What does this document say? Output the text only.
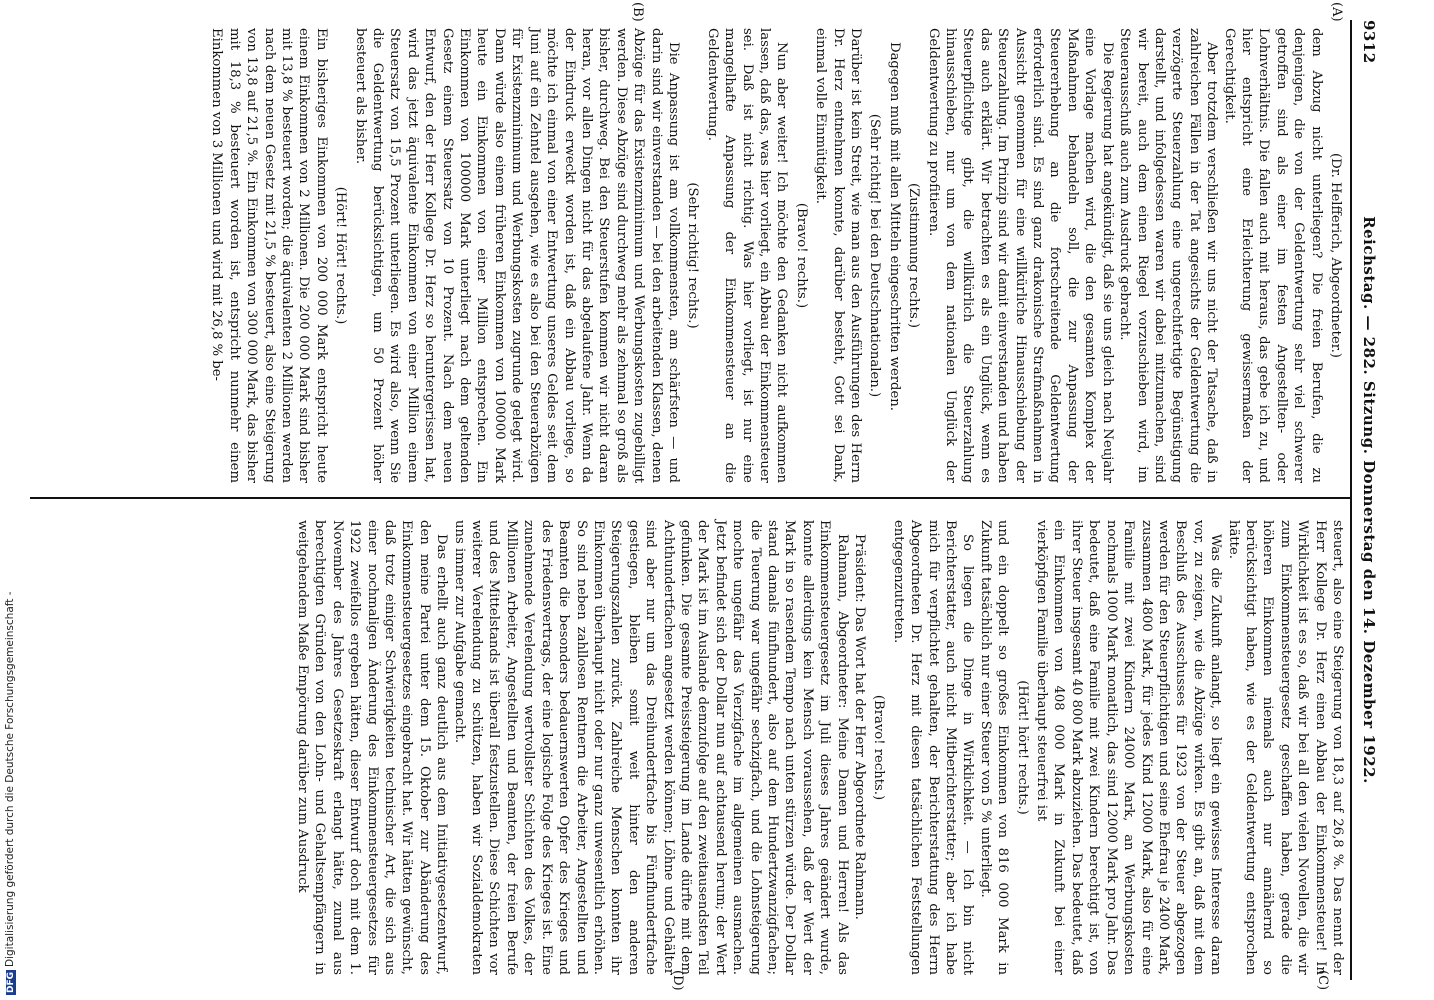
9312
Reichstag. — 282. Sitzung. Donnerstag den 14. Dezember 1922.
(A)
(B)
(C)
(D)

(Dr. Helfferich, Abgeordneter.)

dem Abzug nicht unterliegen? Die freien Berufen, die zu denjenigen, die von der Geldentwertung sehr viel schwerer getroffen sind als einer im festen Angestellten- oder Lohnverhältnis. Die fallen auch mit heraus, das gebe ich zu, und hier entspricht eine Erleichterung gewissermaßen der Gerechtigkeit.

Aber trotzdem verschließen wir uns nicht der Tatsache, daß in zahlreichen Fällen in der Tat angesichts der Geldentwertung die verzögerte Steuerzahlung eine ungerechtfertigte Begünstigung darstellt, und infolgedessen waren wir dabei mitzumachen, sind wir bereit, auch dem einen Riegel vorzuschieben wird, im Steuerausschuß auch zum Ausdruck gebracht.

Die Regierung hat angekündigt, daß sie uns gleich nach Neujahr eine Vorlage machen wird, die den gesamten Komplex der Maßnahmen behandeln soll, die zur Anpassung der Steuererhebung an die fortschreitende Geldentwertung erforderlich sind. Es sind ganz drakonische Strafmaßnahmen in Aussicht genommen für eine willkürliche Hinausschiebung der Steuerzahlung. Im Prinzip sind wir damit einverstanden und haben das auch erklärt. Wir betrachten es als ein Unglück, wenn es Steuerpflichtige gibt, die willkürlich die Steuerzahlung hinausschieben, nur um von dem nationalen Unglück der Geldentwertung zu profitieren.

(Zustimmung rechts.)

Dagegen muß mit allen Mitteln eingeschritten werden.

(Sehr richtig! bei den Deutschnationalen.)

Darüber ist kein Streit, wie man aus den Ausführungen des Herrn Dr. Herz entnehmen konnte, darüber besteht, Gott sei Dank, einmal volle Einmütigkeit.

(Bravo! rechts.)

Nun aber weiter! Ich möchte den Gedanken nicht aufkommen lassen, daß das, was hier vorliegt, ein Abbau der Einkommensteuer sei. Daß ist nicht richtig. Was hier vorliegt, ist nur eine mangelhafte Anpassung der Einkommensteuer an die Geldentwertung.

(Sehr richtig! rechts.)

Die Anpassung ist am vollkommensten, am schärfsten — und darin sind wir einverstanden — bei den arbeitenden Klassen, denen Abzüge für das Existenzminimum und Werbungskosten zugebilligt werden. Diese Abzüge sind durchweg mehr als zehnmal so groß als bisher, durchweg. Bei den Steuerstufen kommen wir nicht daran heran, vor allen Dingen nicht für das abgelaufene Jahr. Wenn da der Eindruck erweckt worden ist, daß ein Abbau vorliege, so möchte ich einmal von einer Entwertung unseres Geldes seit dem Juni auf ein Zehntel ausgehen, wie es also bei den Steuerabzügen für Existenzminimum und Werbungskosten zugrunde gelegt wird. Dann würde also einem früheren Einkommen von 100000 Mark heute ein Einkommen von einer Million entsprechen. Ein Einkommen von 100000 Mark unterliegt nach dem geltenden Gesetz einem Steuersatz von 10 Prozent. Nach dem neuen Entwurf, den der Herr Kollege Dr. Herz so heruntergerissen hat, wird das jetzt äquivalente Einkommen von einer Million einem Steuersatz von 15,5 Prozent unterliegen. Es wird also, wenn Sie die Geldentwertung berücksichtigen, um 50 Prozent höher besteuert als bisher.

(Hört! Hört! rechts.)

Ein bisheriges Einkommen von 200 000 Mark entspricht heute einem Einkommen von 2 Millionen. Die 200 000 Mark sind bisher mit 13,8 % besteuert worden; die äquivalenten 2 Millionen werden nach dem neuen Gesetz mit 21,5 % besteuert, also eine Steigerung von 13,8 auf 21,5 %. Ein Einkommen von 300 000 Mark, das bisher mit 18,3 % besteuert worden ist, entspricht nunmehr einem Einkommen von 3 Millionen und wird mit 26,8 % be-

steuert, also eine Steigerung von 18,3 auf 26,8 %. Das nennt der Herr Kollege Dr. Herz einen Abbau der Einkommensteuer! In Wirklichkeit ist es so, daß wir bei all den vielen Novellen, die wir zum Einkommensteuergesetz geschaffen haben, gerade die höheren Einkommen niemals auch nur annähernd so berücksichtigt haben, wie es der Geldentwertung entsprochen hätte.

Was die Zukunft anlangt, so liegt ein gewisses Interesse daran vor, zu zeigen, wie die Abzüge wirken. Es gibt an, daß mit dem Beschluß des Ausschusses für 1923 von der Steuer abgezogen werden für den Steuerpflichtigen und seine Ehefrau je 2400 Mark, zusammen 4800 Mark, für jedes Kind 12000 Mark, also für eine Familie mit zwei Kindern 24000 Mark, an Werbungskosten nochmals 1000 Mark monatlich, das sind 12000 Mark pro Jahr. Das bedeutet, daß eine Familie mit zwei Kindern berechtigt ist, von ihrer Steuer insgesamt 40 800 Mark abzuziehen. Das bedeutet, daß ein Einkommen von 408 000 Mark in Zukunft bei einer vierköpfigen Familie überhaupt steuerfrei ist

(Hört! hört! rechts.)

und ein doppelt so großes Einkommen von 816 000 Mark in Zukunft tatsächlich nur einer Steuer von 5 % unterliegt.

So liegen die Dinge in Wirklichkeit. — Ich bin nicht Berichterstatter, auch nicht Mitberichterstatter; aber ich habe mich für verpflichtet gehalten, der Berichterstattung des Herrn Abgeordneten Dr. Herz mit diesen tatsächlichen Feststellungen entgegenzutreten.

(Bravo! rechts.)

Präsident: Das Wort hat der Herr Abgeordnete Rahmann.

Rahmann, Abgeordneter: Meine Damen und Herren! Als das Einkommensteuergesetz im Juli dieses Jahres geändert wurde, konnte allerdings kein Mensch voraussehen, daß der Wert der Mark in so rasendem Tempo nach unten stürzen würde. Der Dollar stand damals fünfhundert, also auf dem Hundertzwanzigfachen; die Teuerung war ungefähr sechzigfach, und die Lohnsteigerung mochte ungefähr das Vierzigfache im allgemeinen ausmachen. Jetzt befindet sich der Dollar nun auf achtausend herum; der Wert der Mark ist im Auslande demzufolge auf den zweitausendsten Teil gefunken. Die gesamte Preissteigerung im Lande dürfte mit dem Achthundertfachen angesetzt werden können; Löhne und Gehälter sind aber nur um das Dreihundertfache bis Fünfhundertfache gestiegen, bleiben somit weit hinter den anderen Steigerungszahlen zurück. Zahlreiche Menschen konnten ihr Einkommen überhaupt nicht oder nur ganz unwesentlich erhöhen. So sind neben zahllosen Rentnern die Arbeiter, Angestellten und Beamten die besonders bedauernswerten Opfer des Krieges und des Friedensvertrags, der eine logische Folge des Krieges ist. Eine zunehmende Verelendung wertvollster Schichten des Volkes, der Millionen Arbeiter, Angestellten und Beamten, der freien Berufe und des Mittelstands ist überall festzustellen. Diese Schichten vor weiterer Verelendung zu schützen, haben wir Sozialdemokraten uns immer zur Aufgabe gemacht.

Das erhellt auch ganz deutlich aus dem Initiativgesetzentwurf, den meine Partei unter dem 15. Oktober zur Abänderung des Einkommensteuergesetzes eingebracht hat. Wir hätten gewünscht, daß trotz einiger Schwierigkeiten technischer Art, die sich aus einer nochmaligen Änderung des Einkommensteuergesetzes für 1922 zweifellos ergeben hätten, dieser Entwurf doch mit dem 1. November des Jahres Gesetzeskraft erlangt hätte, zumal aus berechtigten Gründen von den Lohn- und Gehaltsempfängern in weitgehendem Maße Empörung darüber zum Ausdruck

DFGDigitalisierung gefördert durch die Deutsche Forschungsgemeinschaft -
